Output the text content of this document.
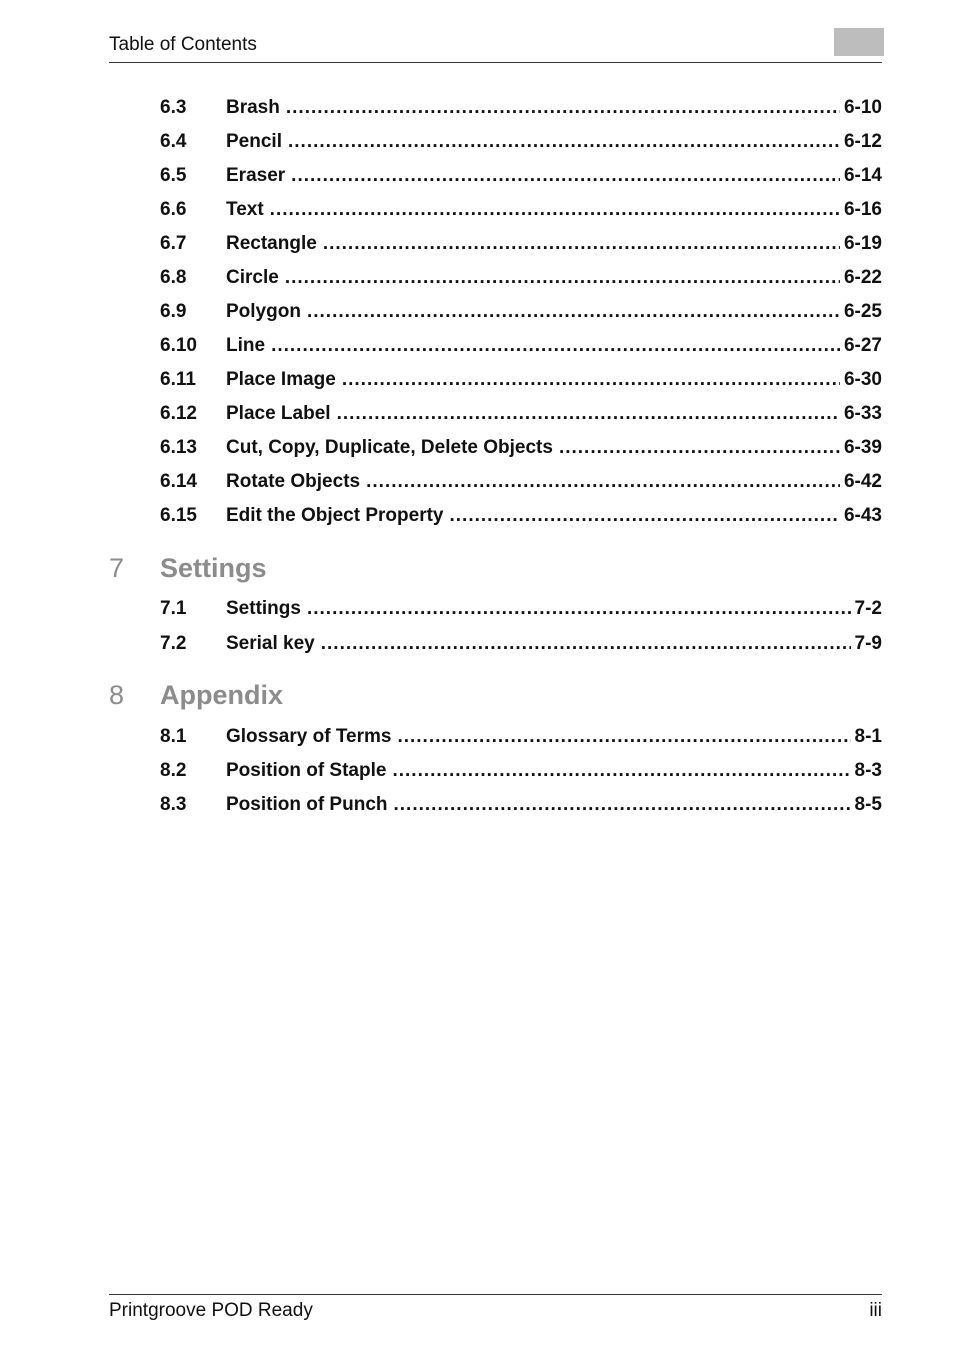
Table of Contents
6.3	Brash .....	6-10
6.4	Pencil .....	6-12
6.5	Eraser .....	6-14
6.6	Text .....	6-16
6.7	Rectangle .....	6-19
6.8	Circle .....	6-22
6.9	Polygon .....	6-25
6.10	Line .....	6-27
6.11	Place Image .....	6-30
6.12	Place Label .....	6-33
6.13	Cut, Copy, Duplicate, Delete Objects .....	6-39
6.14	Rotate Objects .....	6-42
6.15	Edit the Object Property .....	6-43
7 Settings
7.1	Settings .....	7-2
7.2	Serial key .....	7-9
8 Appendix
8.1	Glossary of Terms .....	8-1
8.2	Position of Staple .....	8-3
8.3	Position of Punch .....	8-5
Printgroove POD Ready	iii
